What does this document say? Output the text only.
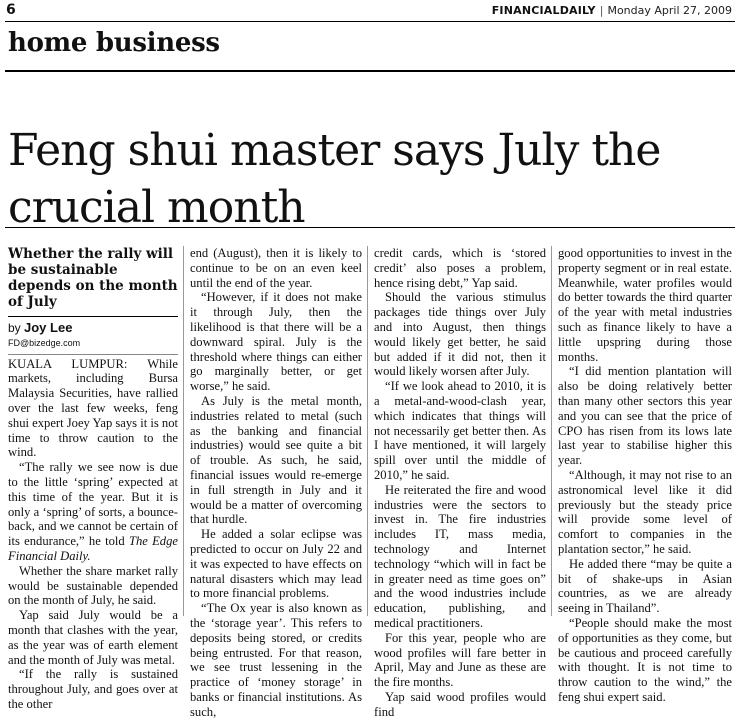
6	FINANCIALDAILY | Monday April 27, 2009
home business
Feng shui master says July the crucial month
Whether the rally will be sustainable depends on the month of July
by Joy Lee
FD@bizedge.com

KUALA LUMPUR: While markets, including Bursa Malaysia Securities, have rallied over the last few weeks, feng shui expert Joey Yap says it is not time to throw caution to the wind.

“The rally we see now is due to the little ‘spring’ expected at this time of the year. But it is only a ‘spring’ of sorts, a bounce-back, and we cannot be certain of its endurance,” he told The Edge Financial Daily.

Whether the share market rally would be sustainable depended on the month of July, he said.

Yap said July would be a month that clashes with the year, as the year was of earth element and the month of July was metal.

“If the rally is sustained throughout July, and goes over at the other

end (August), then it is likely to continue to be on an even keel until the end of the year.

“However, if it does not make it through July, then the likelihood is that there will be a downward spiral. July is the threshold where things can either go marginally better, or get worse,” he said.

As July is the metal month, industries related to metal (such as the banking and financial industries) would see quite a bit of trouble. As such, he said, financial issues would re-emerge in full strength in July and it would be a matter of overcoming that hurdle.

He added a solar eclipse was predicted to occur on July 22 and it was expected to have effects on natural disasters which may lead to more financial problems.

“The Ox year is also known as the ‘storage year’. This refers to deposits being stored, or credits being entrusted. For that reason, we see trust lessening in the practice of ‘money storage’ in banks or financial institutions. As such,

credit cards, which is ‘stored credit’ also poses a problem, hence rising debt,” Yap said.

Should the various stimulus packages tide things over July and into August, then things would likely get better, he said but added if it did not, then it would likely worsen after July.

“If we look ahead to 2010, it is a metal-and-wood-clash year, which indicates that things will not necessarily get better then. As I have mentioned, it will largely spill over until the middle of 2010,” he said.

He reiterated the fire and wood industries were the sectors to invest in. The fire industries includes IT, mass media, technology and Internet technology “which will in fact be in greater need as time goes on” and the wood industries include education, publishing, and medical practitioners.

For this year, people who are wood profiles will fare better in April, May and June as these are the fire months.

Yap said wood profiles would find

good opportunities to invest in the property segment or in real estate. Meanwhile, water profiles would do better towards the third quarter of the year with metal industries such as finance likely to have a little upspring during those months.

“I did mention plantation will also be doing relatively better than many other sectors this year and you can see that the price of CPO has risen from its lows late last year to stabilise higher this year.

“Although, it may not rise to an astronomical level like it did previously but the steady price will provide some level of comfort to companies in the plantation sector,” he said.

He added there “may be quite a bit of shake-ups in Asian countries, as we are already seeing in Thailand”.

“People should make the most of opportunities as they come, but be cautious and proceed carefully with thought. It is not time to throw caution to the wind,” the feng shui expert said.
